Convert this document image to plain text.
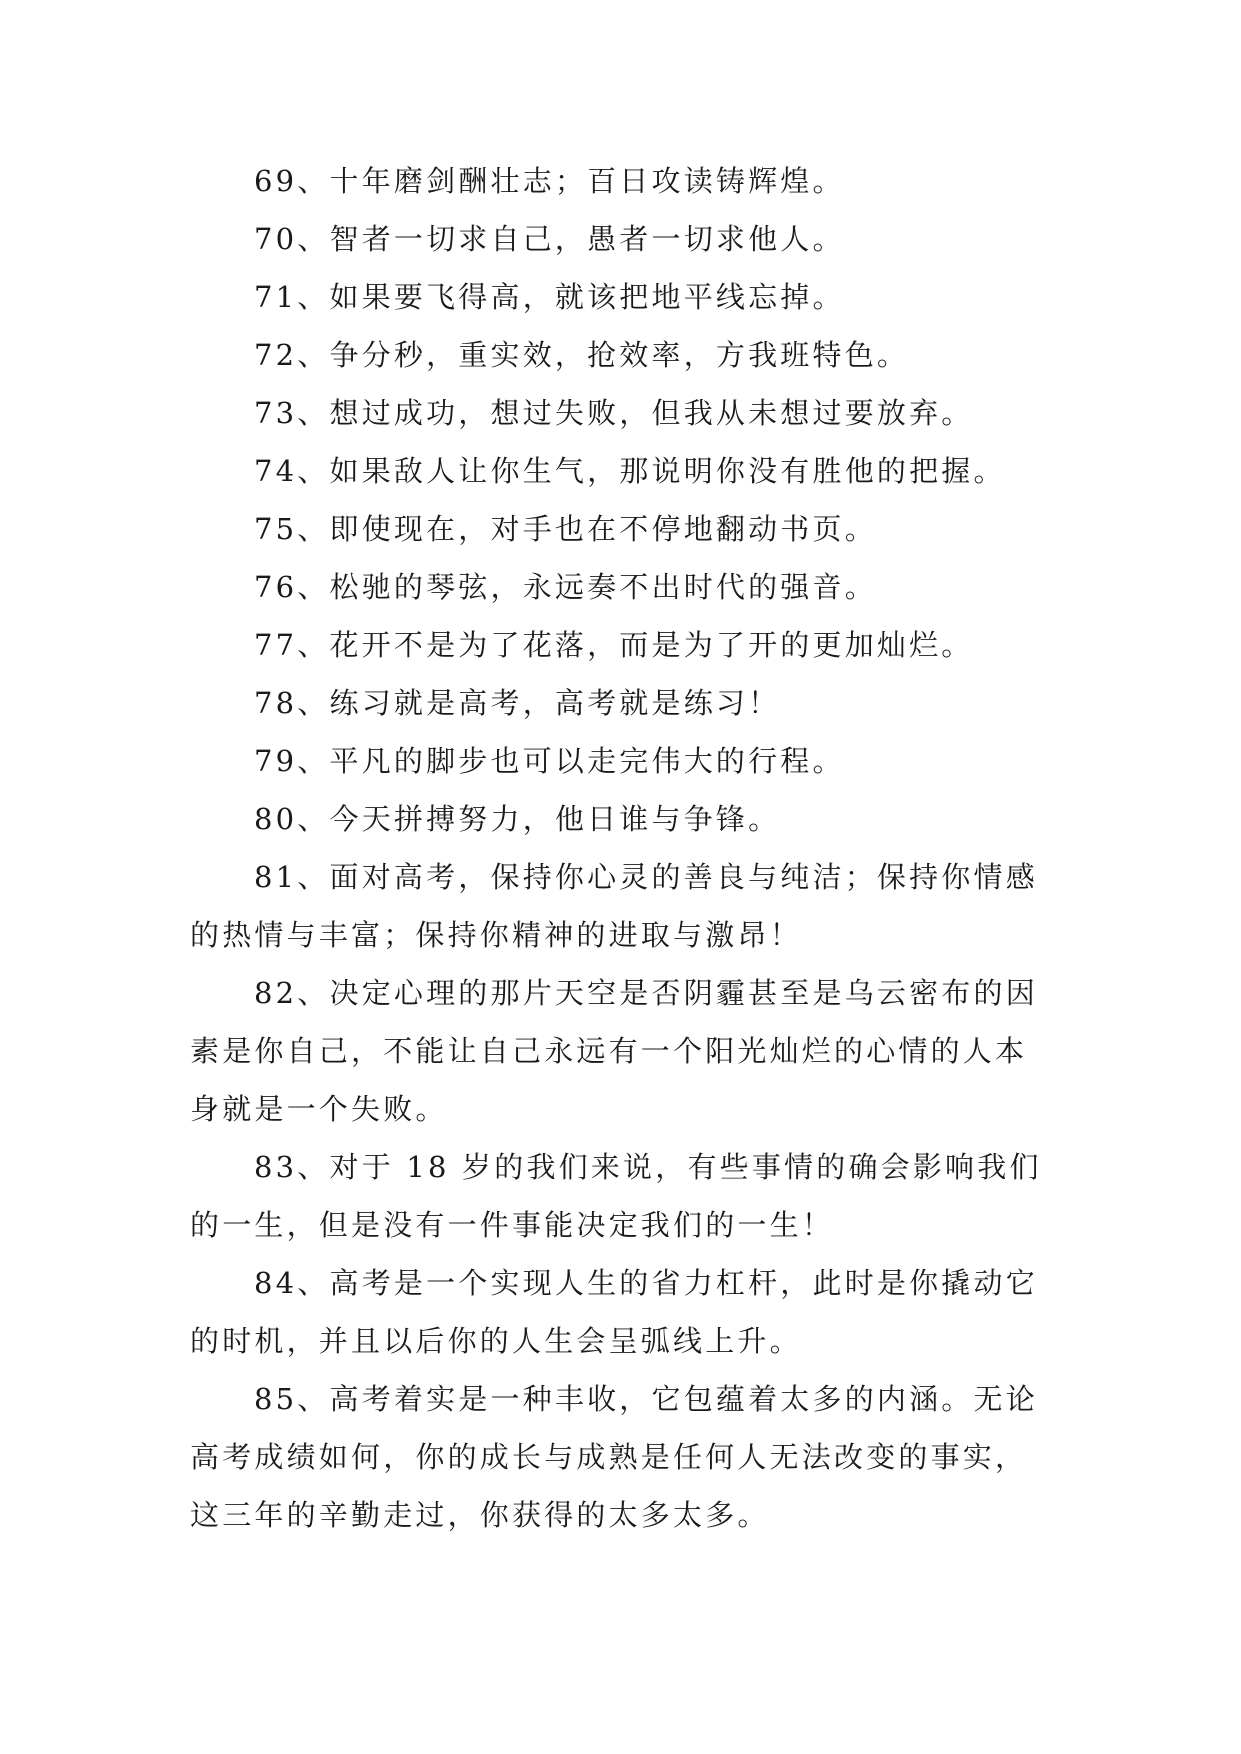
69、十年磨剑酬壮志；百日攻读铸辉煌。

70、智者一切求自己，愚者一切求他人。

71、如果要飞得高，就该把地平线忘掉。

72、争分秒，重实效，抢效率，方我班特色。

73、想过成功，想过失败，但我从未想过要放弃。

74、如果敌人让你生气，那说明你没有胜他的把握。

75、即使现在，对手也在不停地翻动书页。

76、松驰的琴弦，永远奏不出时代的强音。

77、花开不是为了花落，而是为了开的更加灿烂。

78、练习就是高考，高考就是练习！

79、平凡的脚步也可以走完伟大的行程。

80、今天拼搏努力，他日谁与争锋。

81、面对高考，保持你心灵的善良与纯洁；保持你情感的热情与丰富；保持你精神的进取与激昂！

82、决定心理的那片天空是否阴霾甚至是乌云密布的因素是你自己，不能让自己永远有一个阳光灿烂的心情的人本身就是一个失败。

83、对于 18 岁的我们来说，有些事情的确会影响我们的一生，但是没有一件事能决定我们的一生！

84、高考是一个实现人生的省力杠杆，此时是你撬动它的时机，并且以后你的人生会呈弧线上升。

85、高考着实是一种丰收，它包蕴着太多的内涵。无论高考成绩如何，你的成长与成熟是任何人无法改变的事实，这三年的辛勤走过，你获得的太多太多。
